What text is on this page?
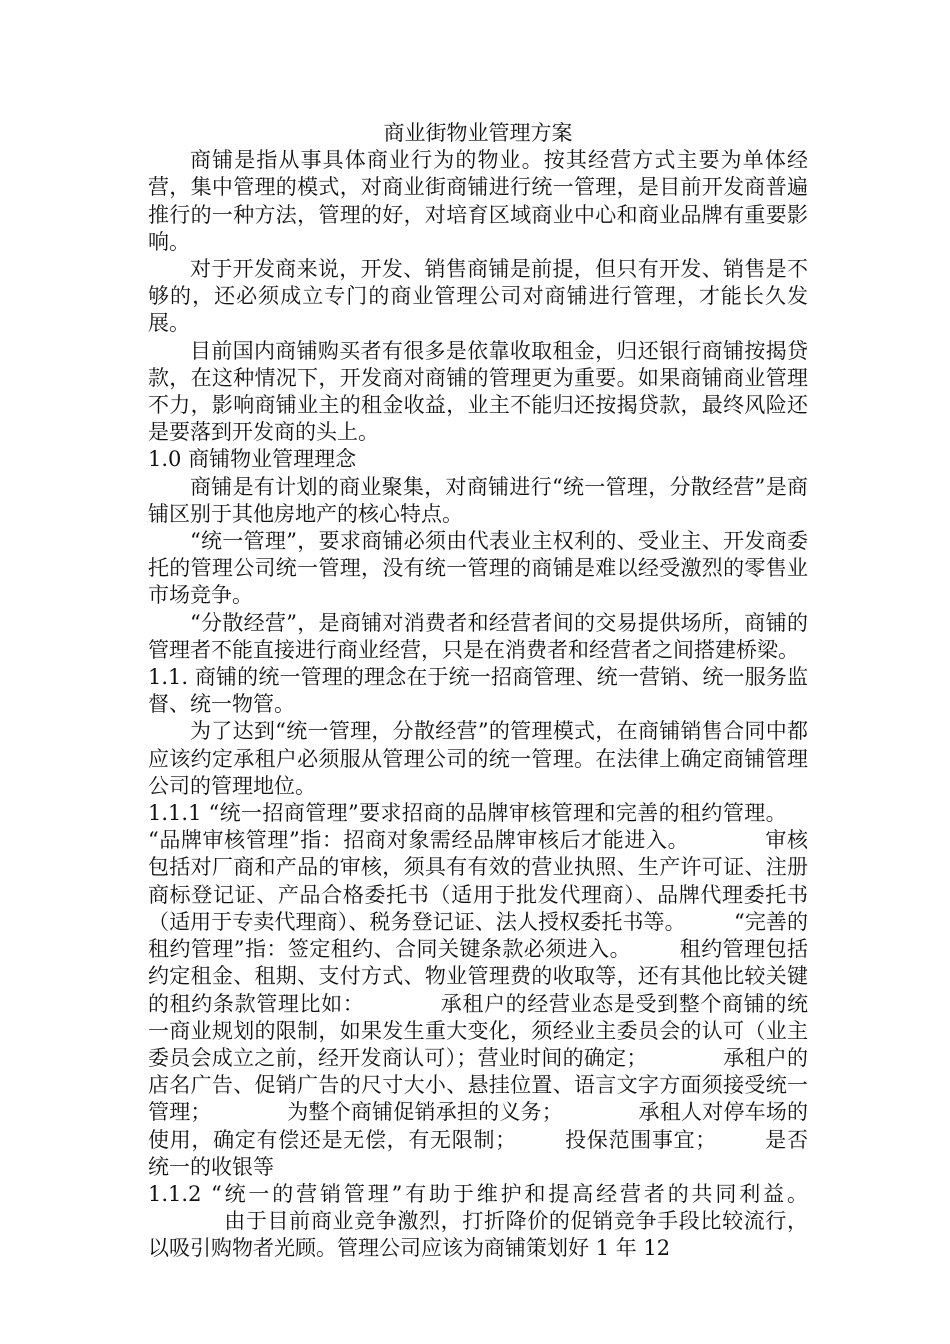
商业街物业管理方案

商铺是指从事具体商业行为的物业。按其经营方式主要为单体经营，集中管理的模式，对商业街商铺进行统一管理，是目前开发商普遍推行的一种方法，管理的好，对培育区域商业中心和商业品牌有重要影响。

对于开发商来说，开发、销售商铺是前提，但只有开发、销售是不够的，还必须成立专门的商业管理公司对商铺进行管理，才能长久发展。

目前国内商铺购买者有很多是依靠收取租金，归还银行商铺按揭贷款，在这种情况下，开发商对商铺的管理更为重要。如果商铺商业管理不力，影响商铺业主的租金收益，业主不能归还按揭贷款，最终风险还是要落到开发商的头上。

1.0 商铺物业管理理念

商铺是有计划的商业聚集，对商铺进行“统一管理，分散经营”是商铺区别于其他房地产的核心特点。

“统一管理”，要求商铺必须由代表业主权利的、受业主、开发商委托的管理公司统一管理，没有统一管理的商铺是难以经受激烈的零售业市场竞争。

“分散经营”，是商铺对消费者和经营者间的交易提供场所，商铺的管理者不能直接进行商业经营，只是在消费者和经营者之间搭建桥梁。

1.1. 商铺的统一管理的理念在于统一招商管理、统一营销、统一服务监督、统一物管。

为了达到“统一管理，分散经营”的管理模式，在商铺销售合同中都应该约定承租户必须服从管理公司的统一管理。在法律上确定商铺管理公司的管理地位。

1.1.1 “统一招商管理”要求招商的品牌审核管理和完善的租约管理。“品牌审核管理”指：招商对象需经品牌审核后才能进入。	审核包括对厂商和产品的审核，须具有有效的营业执照、生产许可证、注册商标登记证、产品合格委托书（适用于批发代理商）、品牌代理委托书（适用于专卖代理商）、税务登记证、法人授权委托书等。 “完善的租约管理”指：签定租约、合同关键条款必须进入。 租约管理包括约定租金、租期、支付方式、物业管理费的收取等，还有其他比较关键的租约条款管理比如：	承租户的经营业态是受到整个商铺的统一商业规划的限制，如果发生重大变化，须经业主委员会的认可（业主委员会成立之前，经开发商认可）；营业时间的确定；	承租户的店名广告、促销广告的尺寸大小、悬挂位置、语言文字方面须接受统一管理；	为整个商铺促销承担的义务；	承租人对停车场的使用，确定有偿还是无偿，有无限制； 投保范围事宜； 是否统一的收银等

1.1.2 “统一的营销管理”有助于维护和提高经营者的共同利益。由于目前商业竞争激烈，打折降价的促销竞争手段比较流行，以吸引购物者光顾。管理公司应该为商铺策划好 1 年 12
